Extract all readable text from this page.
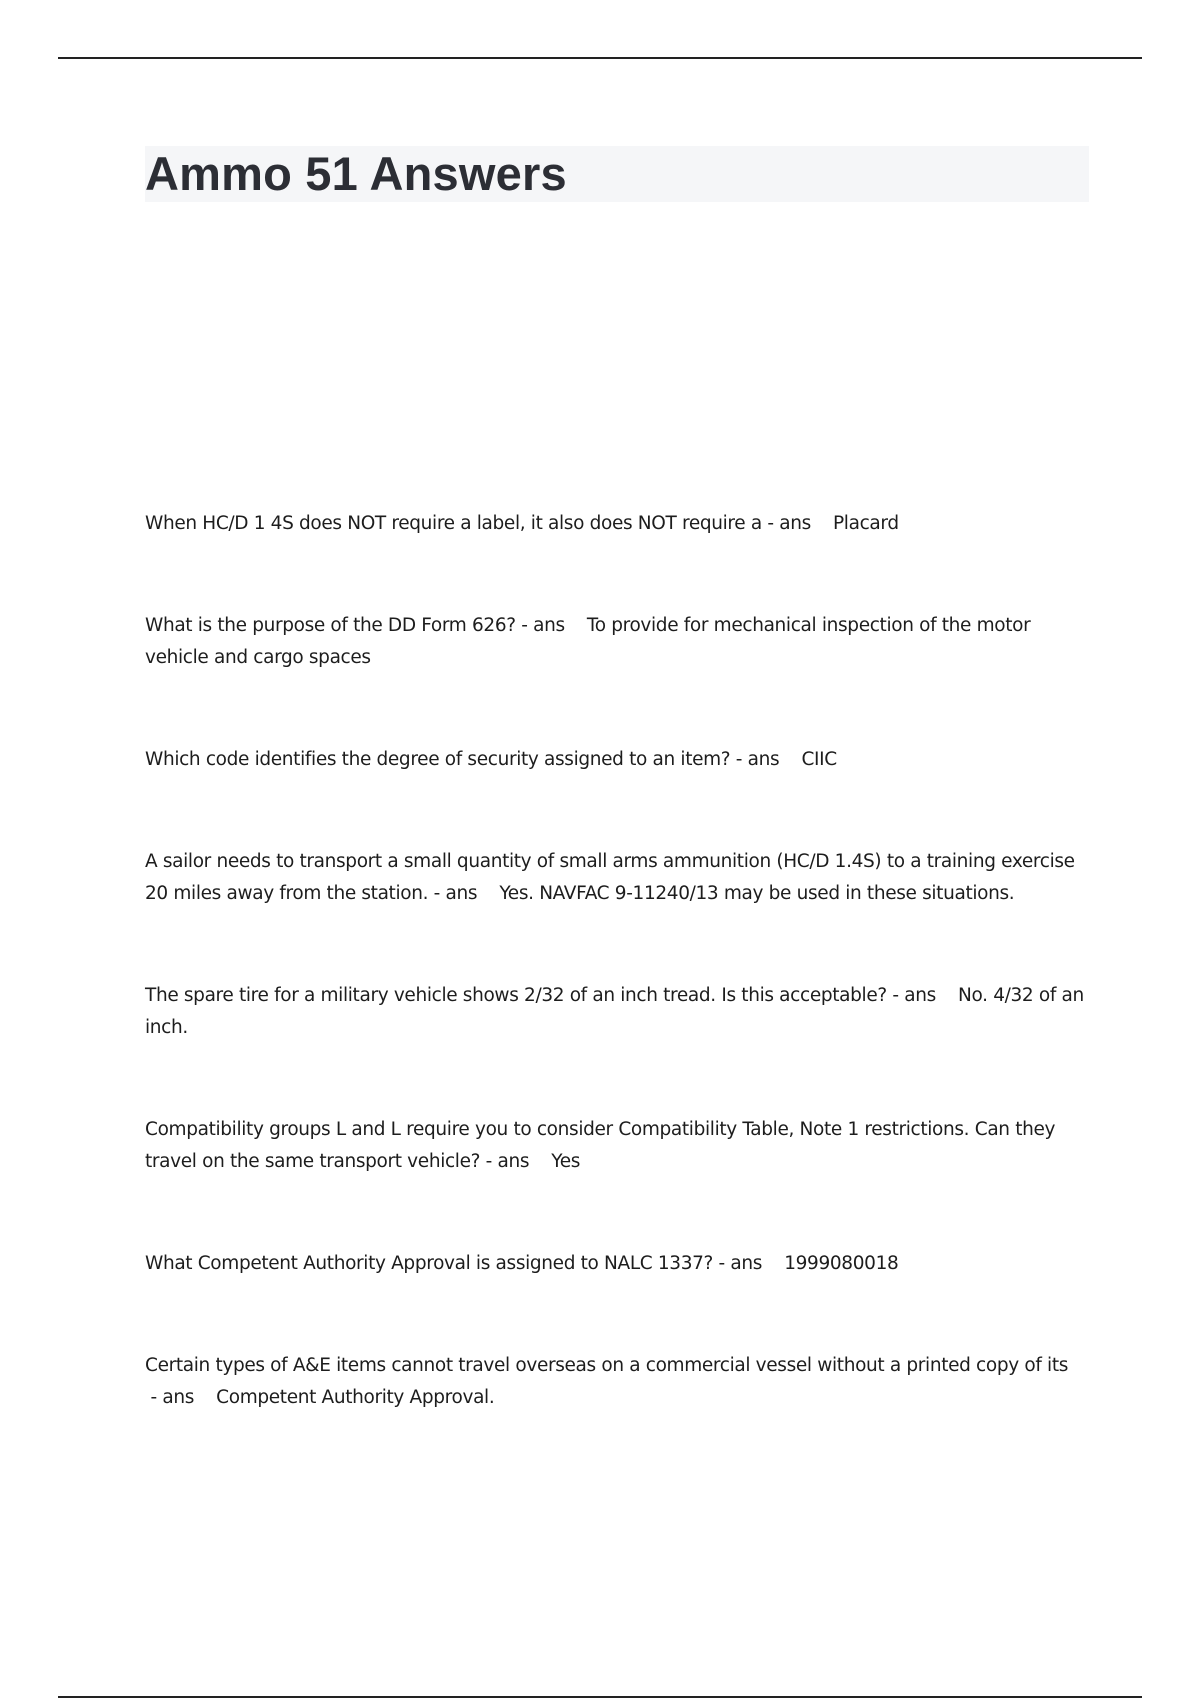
Ammo 51 Answers
When HC/D 1 4S does NOT require a label, it also does NOT require a - ans    Placard
What is the purpose of the DD Form 626? - ans    To provide for mechanical inspection of the motor vehicle and cargo spaces
Which code identifies the degree of security assigned to an item? - ans    CIIC
A sailor needs to transport a small quantity of small arms ammunition (HC/D 1.4S) to a training exercise 20 miles away from the station. - ans    Yes. NAVFAC 9-11240/13 may be used in these situations.
The spare tire for a military vehicle shows 2/32 of an inch tread. Is this acceptable? - ans    No. 4/32 of an inch.
Compatibility groups L and L require you to consider Compatibility Table, Note 1 restrictions. Can they travel on the same transport vehicle? - ans    Yes
What Competent Authority Approval is assigned to NALC 1337? - ans    1999080018
Certain types of A&E items cannot travel overseas on a commercial vessel without a printed copy of its - ans    Competent Authority Approval.
